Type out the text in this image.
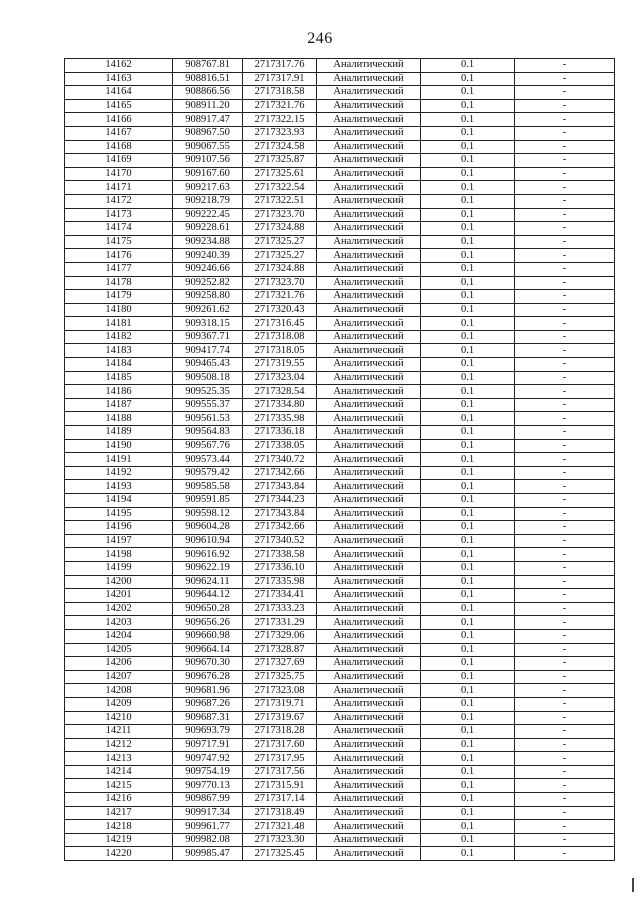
246
14162	908767.81	2717317.76	Аналитический	0.1	-
14163	908816.51	2717317.91	Аналитический	0.1	-
14164	908866.56	2717318.58	Аналитический	0.1	-
14165	908911.20	2717321.76	Аналитический	0.1	-
14166	908917.47	2717322.15	Аналитический	0.1	-
14167	908967.50	2717323.93	Аналитический	0.1	-
14168	909067.55	2717324.58	Аналитический	0.1	-
14169	909107.56	2717325.87	Аналитический	0.1	-
14170	909167.60	2717325.61	Аналитический	0.1	-
14171	909217.63	2717322.54	Аналитический	0.1	-
14172	909218.79	2717322.51	Аналитический	0.1	-
14173	909222.45	2717323.70	Аналитический	0.1	-
14174	909228.61	2717324.88	Аналитический	0.1	-
14175	909234.88	2717325.27	Аналитический	0.1	-
14176	909240.39	2717325.27	Аналитический	0.1	-
14177	909246.66	2717324.88	Аналитический	0.1	-
14178	909252.82	2717323.70	Аналитический	0.1	-
14179	909258.80	2717321.76	Аналитический	0.1	-
14180	909261.62	2717320.43	Аналитический	0.1	-
14181	909318.15	2717316.45	Аналитический	0.1	-
14182	909367.71	2717318.08	Аналитический	0.1	-
14183	909417.74	2717318.05	Аналитический	0.1	-
14184	909465.43	2717319.55	Аналитический	0.1	-
14185	909508.18	2717323.04	Аналитический	0.1	-
14186	909525.35	2717328.54	Аналитический	0.1	-
14187	909555.37	2717334.80	Аналитический	0.1	-
14188	909561.53	2717335.98	Аналитический	0.1	-
14189	909564.83	2717336.18	Аналитический	0.1	-
14190	909567.76	2717338.05	Аналитический	0.1	-
14191	909573.44	2717340.72	Аналитический	0.1	-
14192	909579.42	2717342.66	Аналитический	0.1	-
14193	909585.58	2717343.84	Аналитический	0.1	-
14194	909591.85	2717344.23	Аналитический	0.1	-
14195	909598.12	2717343.84	Аналитический	0.1	-
14196	909604.28	2717342.66	Аналитический	0.1	-
14197	909610.94	2717340.52	Аналитический	0.1	-
14198	909616.92	2717338.58	Аналитический	0.1	-
14199	909622.19	2717336.10	Аналитический	0.1	-
14200	909624.11	2717335.98	Аналитический	0.1	-
14201	909644.12	2717334.41	Аналитический	0.1	-
14202	909650.28	2717333.23	Аналитический	0.1	-
14203	909656.26	2717331.29	Аналитический	0.1	-
14204	909660.98	2717329.06	Аналитический	0.1	-
14205	909664.14	2717328.87	Аналитический	0.1	-
14206	909670.30	2717327.69	Аналитический	0.1	-
14207	909676.28	2717325.75	Аналитический	0.1	-
14208	909681.96	2717323.08	Аналитический	0.1	-
14209	909687.26	2717319.71	Аналитический	0.1	-
14210	909687.31	2717319.67	Аналитический	0.1	-
14211	909693.79	2717318.28	Аналитический	0.1	-
14212	909717.91	2717317.60	Аналитический	0.1	-
14213	909747.92	2717317.95	Аналитический	0.1	-
14214	909754.19	2717317.56	Аналитический	0.1	-
14215	909770.13	2717315.91	Аналитический	0.1	-
14216	909867.99	2717317.14	Аналитический	0.1	-
14217	909917.34	2717318.49	Аналитический	0.1	-
14218	909961.77	2717321.48	Аналитический	0.1	-
14219	909982.08	2717323.30	Аналитический	0.1	-
14220	909985.47	2717325.45	Аналитический	0.1	-
